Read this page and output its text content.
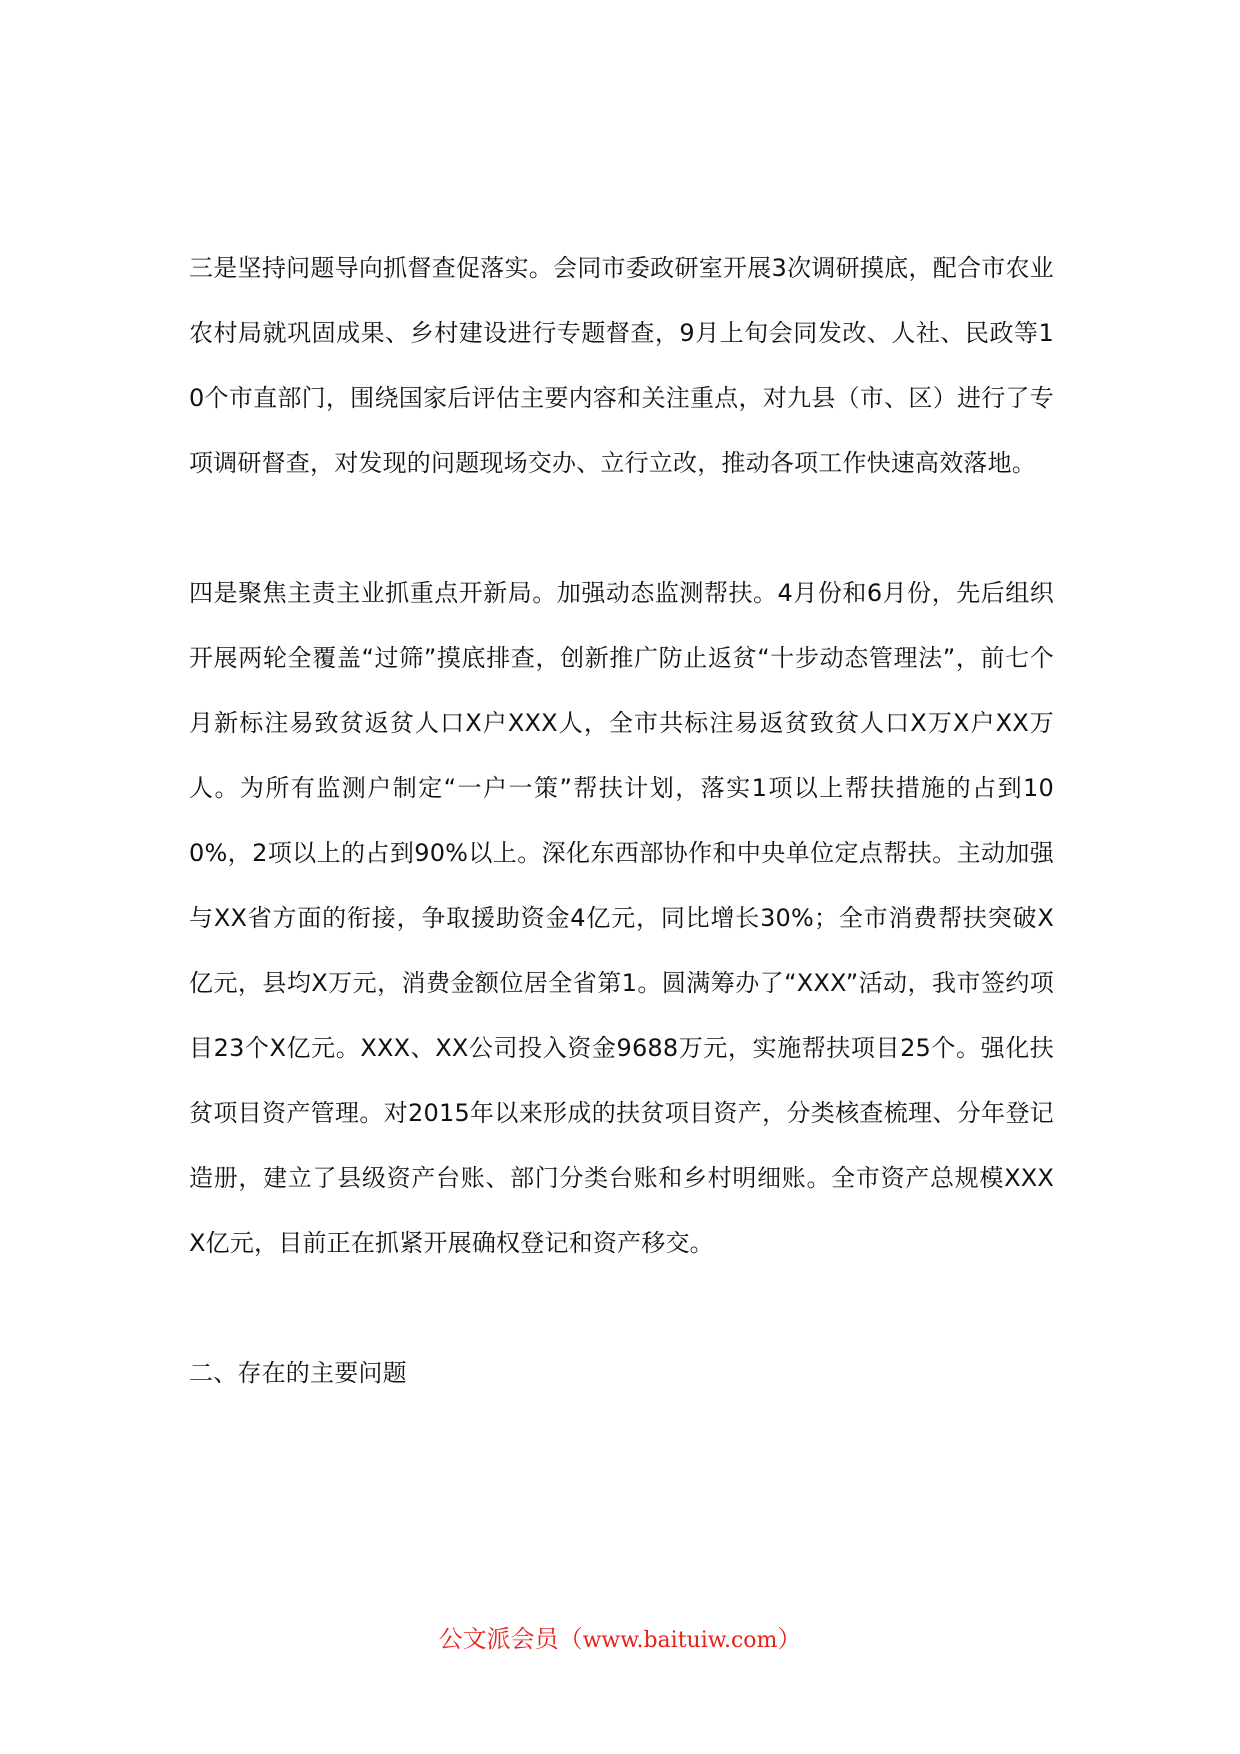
三是坚持问题导向抓督查促落实。会同市委政研室开展3次调研摸底，配合市农业农村局就巩固成果、乡村建设进行专题督查，9月上旬会同发改、人社、民政等10个市直部门，围绕国家后评估主要内容和关注重点，对九县（市、区）进行了专项调研督查，对发现的问题现场交办、立行立改，推动各项工作快速高效落地。

四是聚焦主责主业抓重点开新局。加强动态监测帮扶。4月份和6月份，先后组织开展两轮全覆盖“过筛”摸底排查，创新推广防止返贫“十步动态管理法”，前七个月新标注易致贫返贫人口X户XXX人，全市共标注易返贫致贫人口X万X户XX万人。为所有监测户制定“一户一策”帮扶计划，落实1项以上帮扶措施的占到100%，2项以上的占到90%以上。深化东西部协作和中央单位定点帮扶。主动加强与XX省方面的衔接，争取援助资金4亿元，同比增长30%；全市消费帮扶突破X亿元，县均X万元，消费金额位居全省第1。圆满筹办了“XXX”活动，我市签约项目23个X亿元。XXX、XX公司投入资金9688万元，实施帮扶项目25个。强化扶贫项目资产管理。对2015年以来形成的扶贫项目资产，分类核查梳理、分年登记造册，建立了县级资产台账、部门分类台账和乡村明细账。全市资产总规模XXXX亿元，目前正在抓紧开展确权登记和资产移交。

二、存在的主要问题

公文派会员（www.baituiw.com）
